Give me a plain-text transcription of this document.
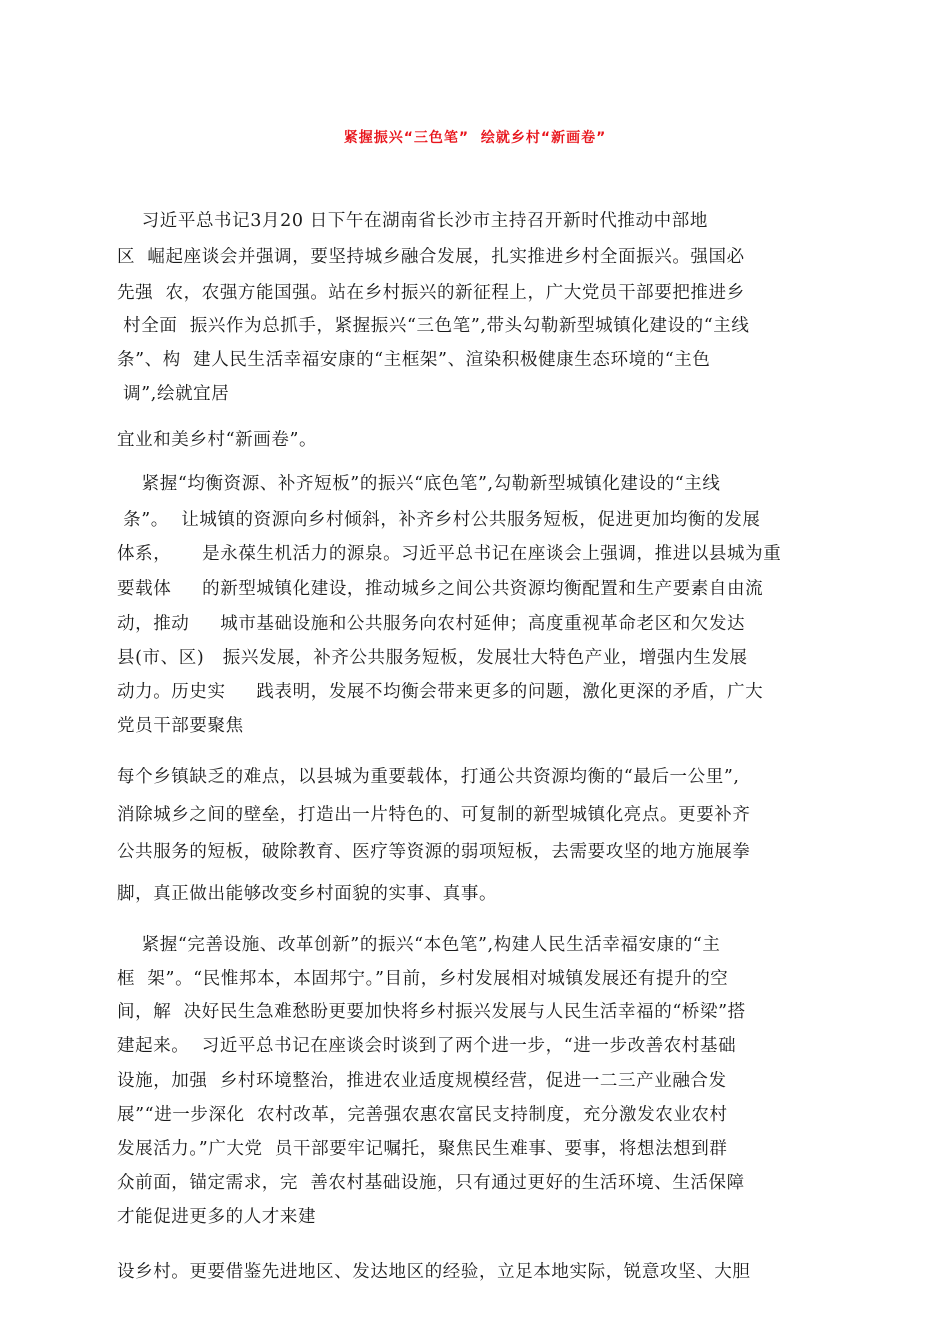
紧握振兴“三色笔”  绘就乡村“新画卷”
习近平总书记3月20 日下午在湖南省长沙市主持召开新时代推动中部地
区  崛起座谈会并强调，要坚持城乡融合发展，扎实推进乡村全面振兴。强国必
先强  农，农强方能国强。站在乡村振兴的新征程上，广大党员干部要把推进乡
村全面  振兴作为总抓手，紧握振兴“三色笔”,带头勾勒新型城镇化建设的“主线
条”、构  建人民生活幸福安康的“主框架”、渲染积极健康生态环境的“主色
调”,绘就宜居
宜业和美乡村“新画卷”。
紧握“均衡资源、补齐短板”的振兴“底色笔”,勾勒新型城镇化建设的“主线
条”。  让城镇的资源向乡村倾斜，补齐乡村公共服务短板，促进更加均衡的发展
体系，     是永葆生机活力的源泉。习近平总书记在座谈会上强调，推进以县城为重
要载体     的新型城镇化建设，推动城乡之间公共资源均衡配置和生产要素自由流
动，推动     城市基础设施和公共服务向农村延伸；高度重视革命老区和欠发达
县(市、区)   振兴发展，补齐公共服务短板，发展壮大特色产业，增强内生发展
动力。历史实     践表明，发展不均衡会带来更多的问题，激化更深的矛盾，广大
党员干部要聚焦
每个乡镇缺乏的难点，以县城为重要载体，打通公共资源均衡的“最后一公里”,
消除城乡之间的壁垒，打造出一片特色的、可复制的新型城镇化亮点。更要补齐
公共服务的短板，破除教育、医疗等资源的弱项短板，去需要攻坚的地方施展拳
脚，真正做出能够改变乡村面貌的实事、真事。
紧握“完善设施、改革创新”的振兴“本色笔”,构建人民生活幸福安康的“主
框  架”。“民惟邦本，本固邦宁。”目前，乡村发展相对城镇发展还有提升的空
间，解  决好民生急难愁盼更要加快将乡村振兴发展与人民生活幸福的“桥梁”搭
建起来。  习近平总书记在座谈会时谈到了两个进一步，“进一步改善农村基础
设施，加强  乡村环境整治，推进农业适度规模经营，促进一二三产业融合发
展”“进一步深化  农村改革，完善强农惠农富民支持制度，充分激发农业农村
发展活力。”广大党  员干部要牢记嘱托，聚焦民生难事、要事，将想法想到群
众前面，锚定需求，完  善农村基础设施，只有通过更好的生活环境、生活保障
才能促进更多的人才来建
设乡村。更要借鉴先进地区、发达地区的经验，立足本地实际，锐意攻坚、大胆
